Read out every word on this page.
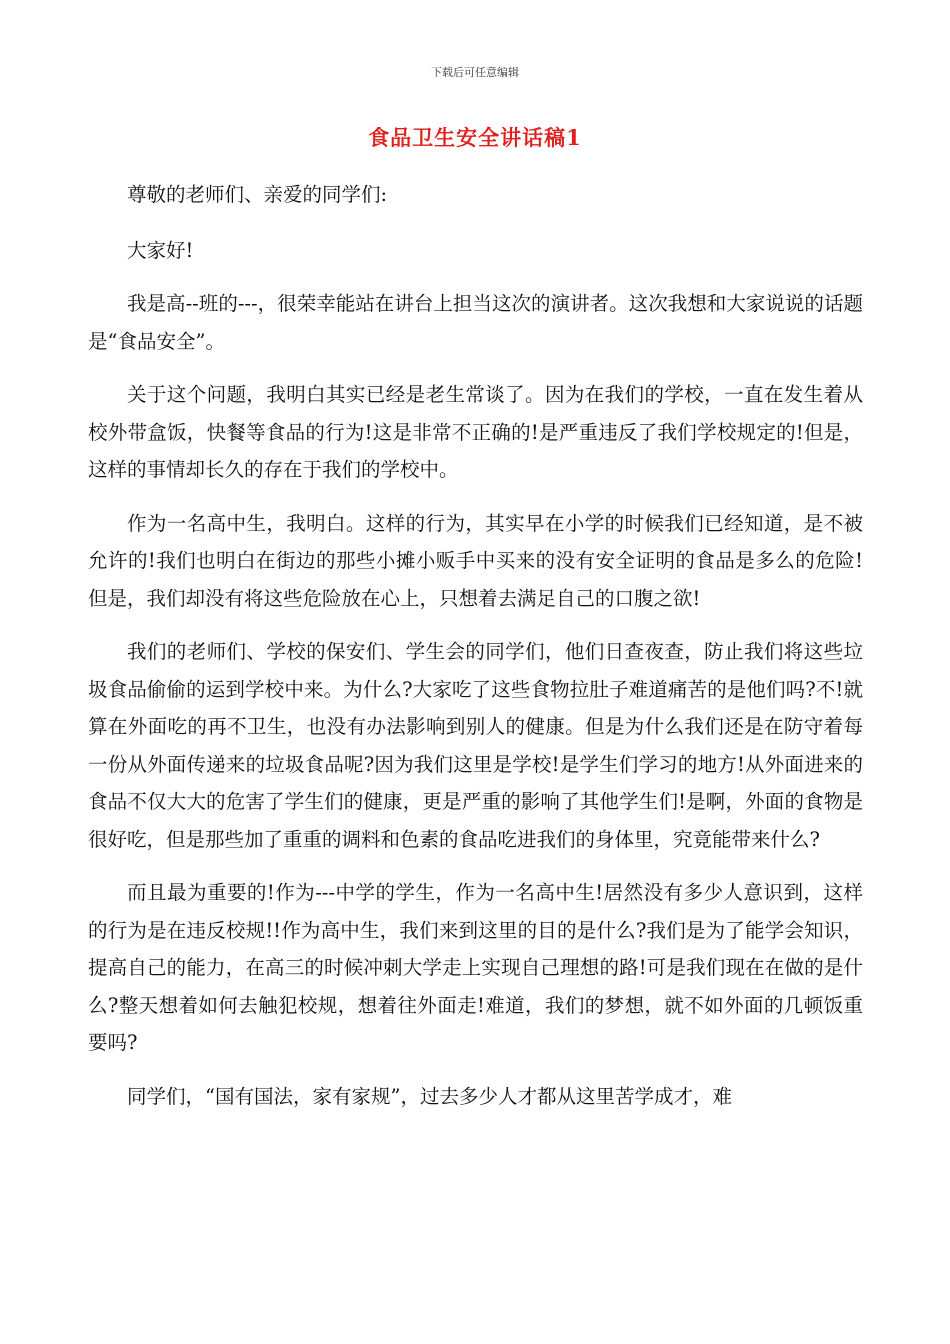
下载后可任意编辑
食品卫生安全讲话稿1

尊敬的老师们、亲爱的同学们:

大家好!

我是高--班的---，很荣幸能站在讲台上担当这次的演讲者。这次我想和大家说说的话题是“食品安全”。

关于这个问题，我明白其实已经是老生常谈了。因为在我们的学校，一直在发生着从校外带盒饭，快餐等食品的行为!这是非常不正确的!是严重违反了我们学校规定的!但是，这样的事情却长久的存在于我们的学校中。

作为一名高中生，我明白。这样的行为，其实早在小学的时候我们已经知道，是不被允许的!我们也明白在街边的那些小摊小贩手中买来的没有安全证明的食品是多么的危险!但是，我们却没有将这些危险放在心上，只想着去满足自己的口腹之欲!

我们的老师们、学校的保安们、学生会的同学们，他们日查夜查，防止我们将这些垃圾食品偷偷的运到学校中来。为什么?大家吃了这些食物拉肚子难道痛苦的是他们吗?不!就算在外面吃的再不卫生，也没有办法影响到别人的健康。但是为什么我们还是在防守着每一份从外面传递来的垃圾食品呢?因为我们这里是学校!是学生们学习的地方!从外面进来的食品不仅大大的危害了学生们的健康，更是严重的影响了其他学生们!是啊，外面的食物是很好吃，但是那些加了重重的调料和色素的食品吃进我们的身体里，究竟能带来什么?

而且最为重要的!作为---中学的学生，作为一名高中生!居然没有多少人意识到，这样的行为是在违反校规!!作为高中生，我们来到这里的目的是什么?我们是为了能学会知识，提高自己的能力，在高三的时候冲刺大学走上实现自己理想的路!可是我们现在在做的是什么?整天想着如何去触犯校规，想着往外面走!难道，我们的梦想，就不如外面的几顿饭重要吗?

同学们，“国有国法，家有家规”，过去多少人才都从这里苦学成才，难
